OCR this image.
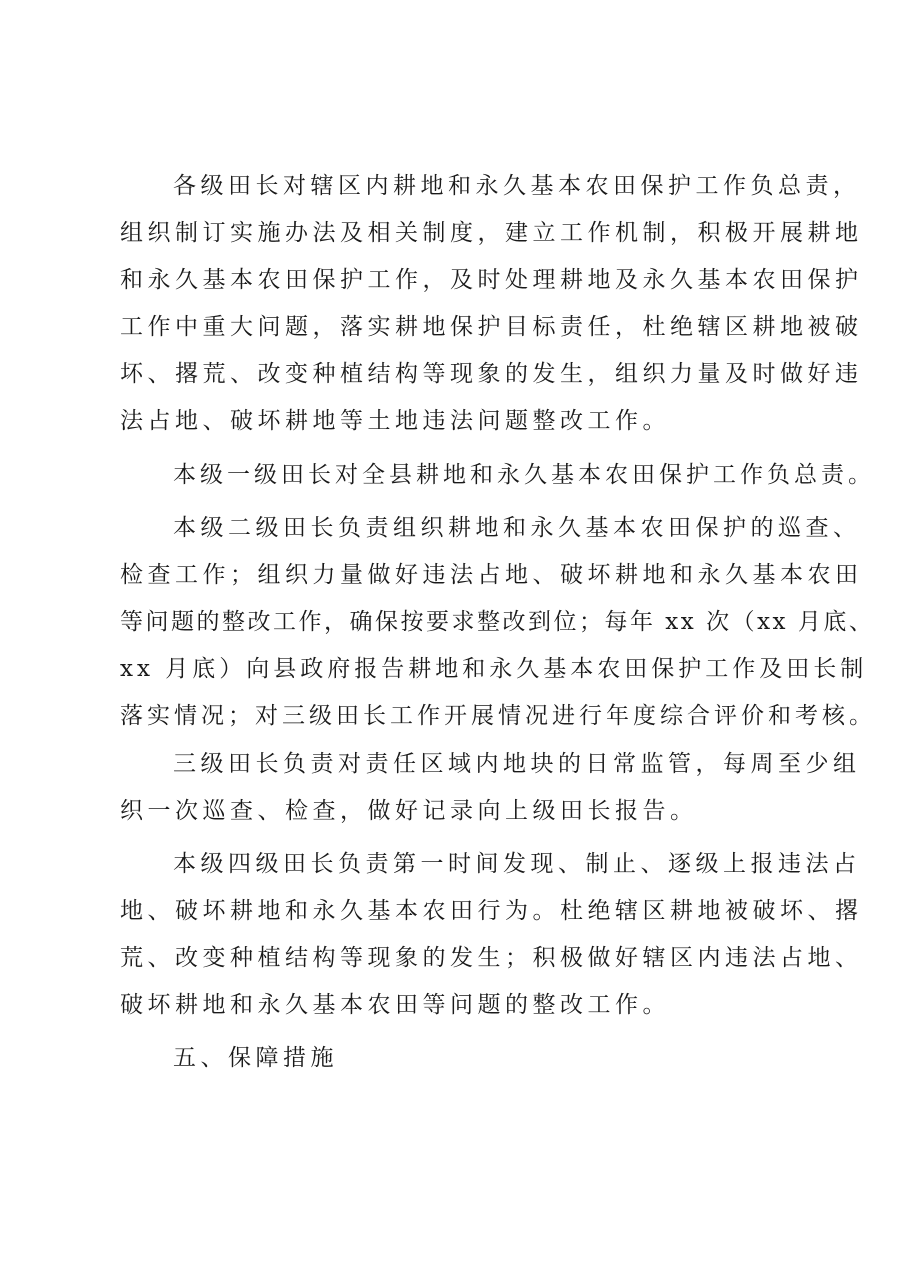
各级田长对辖区内耕地和永久基本农田保护工作负总责，

组织制订实施办法及相关制度，建立工作机制，积极开展耕地

和永久基本农田保护工作，及时处理耕地及永久基本农田保护

工作中重大问题，落实耕地保护目标责任，杜绝辖区耕地被破

坏、撂荒、改变种植结构等现象的发生，组织力量及时做好违

法占地、破坏耕地等土地违法问题整改工作。

本级一级田长对全县耕地和永久基本农田保护工作负总责。

本级二级田长负责组织耕地和永久基本农田保护的巡查、

检查工作；组织力量做好违法占地、破坏耕地和永久基本农田

等问题的整改工作，确保按要求整改到位；每年 xx 次（xx 月底、

xx 月底）向县政府报告耕地和永久基本农田保护工作及田长制

落实情况；对三级田长工作开展情况进行年度综合评价和考核。

三级田长负责对责任区域内地块的日常监管，每周至少组

织一次巡查、检查，做好记录向上级田长报告。

本级四级田长负责第一时间发现、制止、逐级上报违法占

地、破坏耕地和永久基本农田行为。杜绝辖区耕地被破坏、撂

荒、改变种植结构等现象的发生；积极做好辖区内违法占地、

破坏耕地和永久基本农田等问题的整改工作。

五、保障措施
